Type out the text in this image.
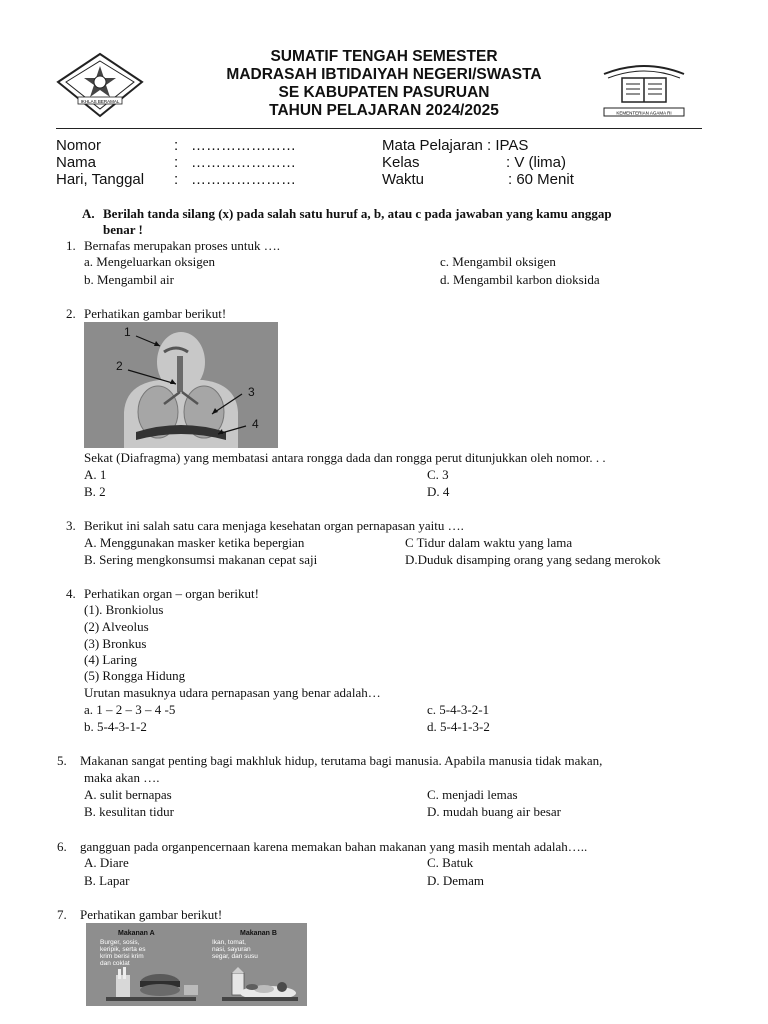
SUMATIF TENGAH SEMESTER
MADRASAH IBTIDAIYAH NEGERI/SWASTA
SE KABUPATEN PASURUAN
TAHUN PELAJARAN 2024/2025
IKHLAS BERAMAL
KEMENTERIAN AGAMA RI
Nomor
Nama
Hari, Tanggal
:
:
:
…………………
…………………
…………………
Mata Pelajaran : IPAS
Kelas	: V (lima)
Waktu	: 60 Menit
A. Berilah tanda silang (x) pada salah satu huruf a, b, atau c pada jawaban yang kamu anggap
benar !
1. Bernafas merupakan proses untuk ….
a. Mengeluarkan oksigen
b. Mengambil air
c. Mengambil oksigen
d. Mengambil karbon dioksida
2. Perhatikan gambar berikut!
1
2
3
4
Sekat (Diafragma) yang membatasi antara rongga dada dan rongga perut ditunjukkan oleh nomor. . .
A. 1
B. 2
C. 3
D. 4
3. Berikut ini salah satu cara menjaga kesehatan organ pernapasan yaitu ….
A. Menggunakan masker ketika bepergian
B. Sering mengkonsumsi makanan cepat saji
C Tidur dalam waktu yang lama
D.Duduk disamping orang yang sedang merokok
4. Perhatikan organ – organ berikut!
(1). Bronkiolus
(2) Alveolus
(3) Bronkus
(4) Laring
(5) Rongga Hidung
Urutan masuknya udara pernapasan yang benar adalah…
a. 1 – 2 – 3 – 4 -5
b. 5-4-3-1-2
c. 5-4-3-2-1
d. 5-4-1-3-2
5. Makanan sangat penting bagi makhluk hidup, terutama bagi manusia. Apabila manusia tidak makan,
maka akan ….
A. sulit bernapas
B. kesulitan tidur
C. menjadi lemas
D. mudah buang air besar
6. gangguan pada organpencernaan karena memakan bahan makanan yang masih mentah adalah…..
A. Diare
B. Lapar
C. Batuk
D. Demam
7. Perhatikan gambar berikut!
Makanan A
Burger, sosis,
keripik, serta es
krim berisi krim
dan coklat
Makanan B
Ikan, tomat,
nasi, sayuran
segar, dan susu
